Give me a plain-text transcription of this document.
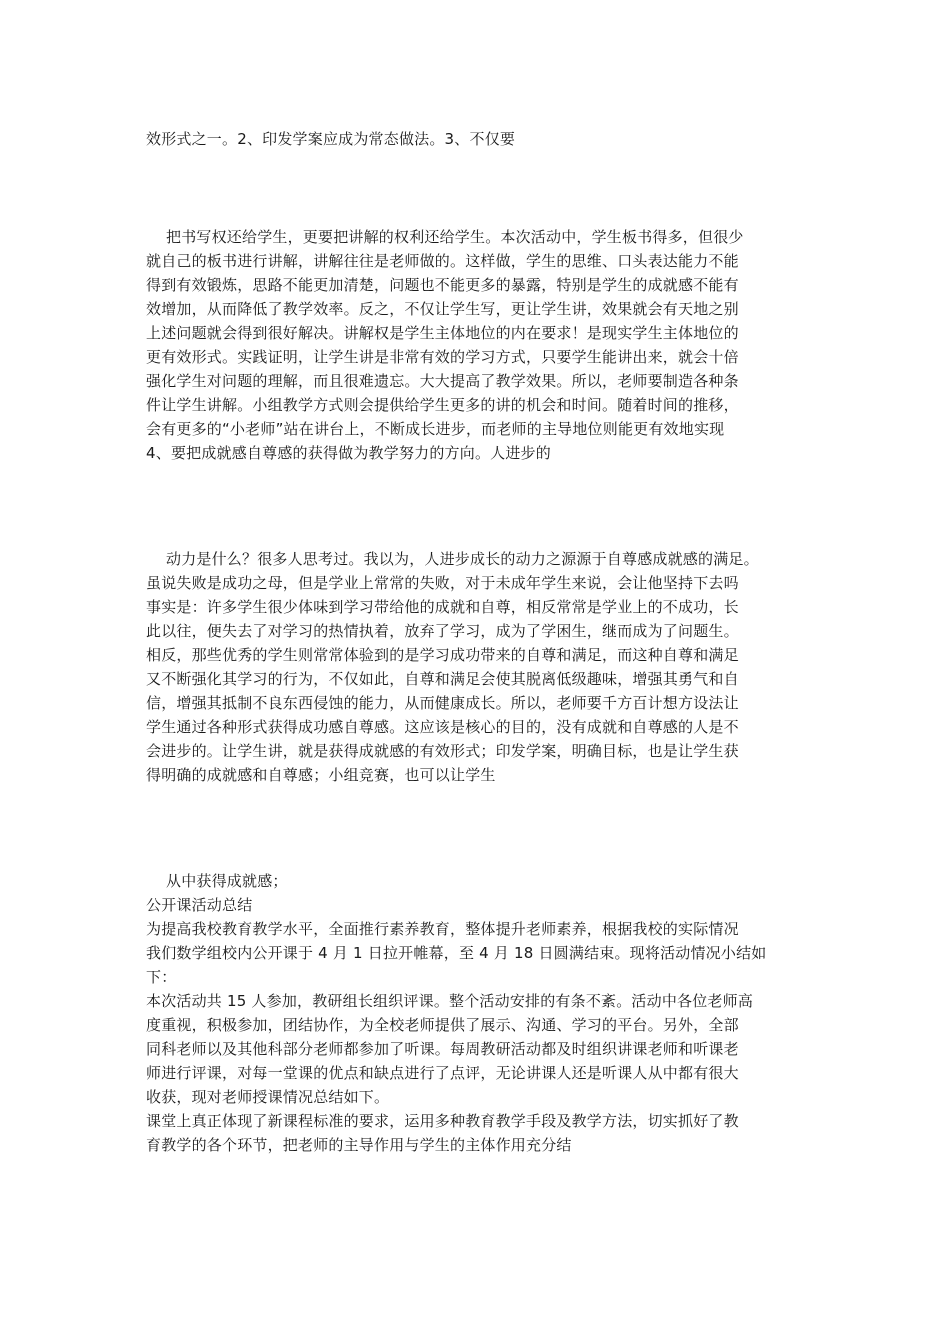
效形式之一。2、印发学案应成为常态做法。3、不仅要
把书写权还给学生，更要把讲解的权利还给学生。本次活动中，学生板书得多，但很少
就自己的板书进行讲解，讲解往往是老师做的。这样做，学生的思维、口头表达能力不能
得到有效锻炼，思路不能更加清楚，问题也不能更多的暴露，特别是学生的成就感不能有
效增加，从而降低了教学效率。反之，不仅让学生写，更让学生讲，效果就会有天地之别
上述问题就会得到很好解决。讲解权是学生主体地位的内在要求！是现实学生主体地位的
更有效形式。实践证明，让学生讲是非常有效的学习方式，只要学生能讲出来，就会十倍
强化学生对问题的理解，而且很难遗忘。大大提高了教学效果。所以，老师要制造各种条
件让学生讲解。小组教学方式则会提供给学生更多的讲的机会和时间。随着时间的推移，
会有更多的“小老师”站在讲台上，不断成长进步，而老师的主导地位则能更有效地实现
4、要把成就感自尊感的获得做为教学努力的方向。人进步的
动力是什么？很多人思考过。我以为，人进步成长的动力之源源于自尊感成就感的满足。
虽说失败是成功之母，但是学业上常常的失败，对于未成年学生来说，会让他坚持下去吗
事实是：许多学生很少体味到学习带给他的成就和自尊，相反常常是学业上的不成功，长
此以往，便失去了对学习的热情执着，放弃了学习，成为了学困生，继而成为了问题生。
相反，那些优秀的学生则常常体验到的是学习成功带来的自尊和满足，而这种自尊和满足
又不断强化其学习的行为，不仅如此，自尊和满足会使其脱离低级趣味，增强其勇气和自
信，增强其抵制不良东西侵蚀的能力，从而健康成长。所以，老师要千方百计想方设法让
学生通过各种形式获得成功感自尊感。这应该是核心的目的，没有成就和自尊感的人是不
会进步的。让学生讲，就是获得成就感的有效形式；印发学案，明确目标，也是让学生获
得明确的成就感和自尊感；小组竞赛，也可以让学生
从中获得成就感；
公开课活动总结
为提高我校教育教学水平，全面推行素养教育，整体提升老师素养，根据我校的实际情况
我们数学组校内公开课于 4 月 1 日拉开帷幕，至 4 月 18 日圆满结束。现将活动情况小结如
下：
本次活动共 15 人参加，教研组长组织评课。整个活动安排的有条不紊。活动中各位老师高
度重视，积极参加，团结协作，为全校老师提供了展示、沟通、学习的平台。另外，全部
同科老师以及其他科部分老师都参加了听课。每周教研活动都及时组织讲课老师和听课老
师进行评课，对每一堂课的优点和缺点进行了点评，无论讲课人还是听课人从中都有很大
收获，现对老师授课情况总结如下。
课堂上真正体现了新课程标准的要求，运用多种教育教学手段及教学方法，切实抓好了教
育教学的各个环节，把老师的主导作用与学生的主体作用充分结
